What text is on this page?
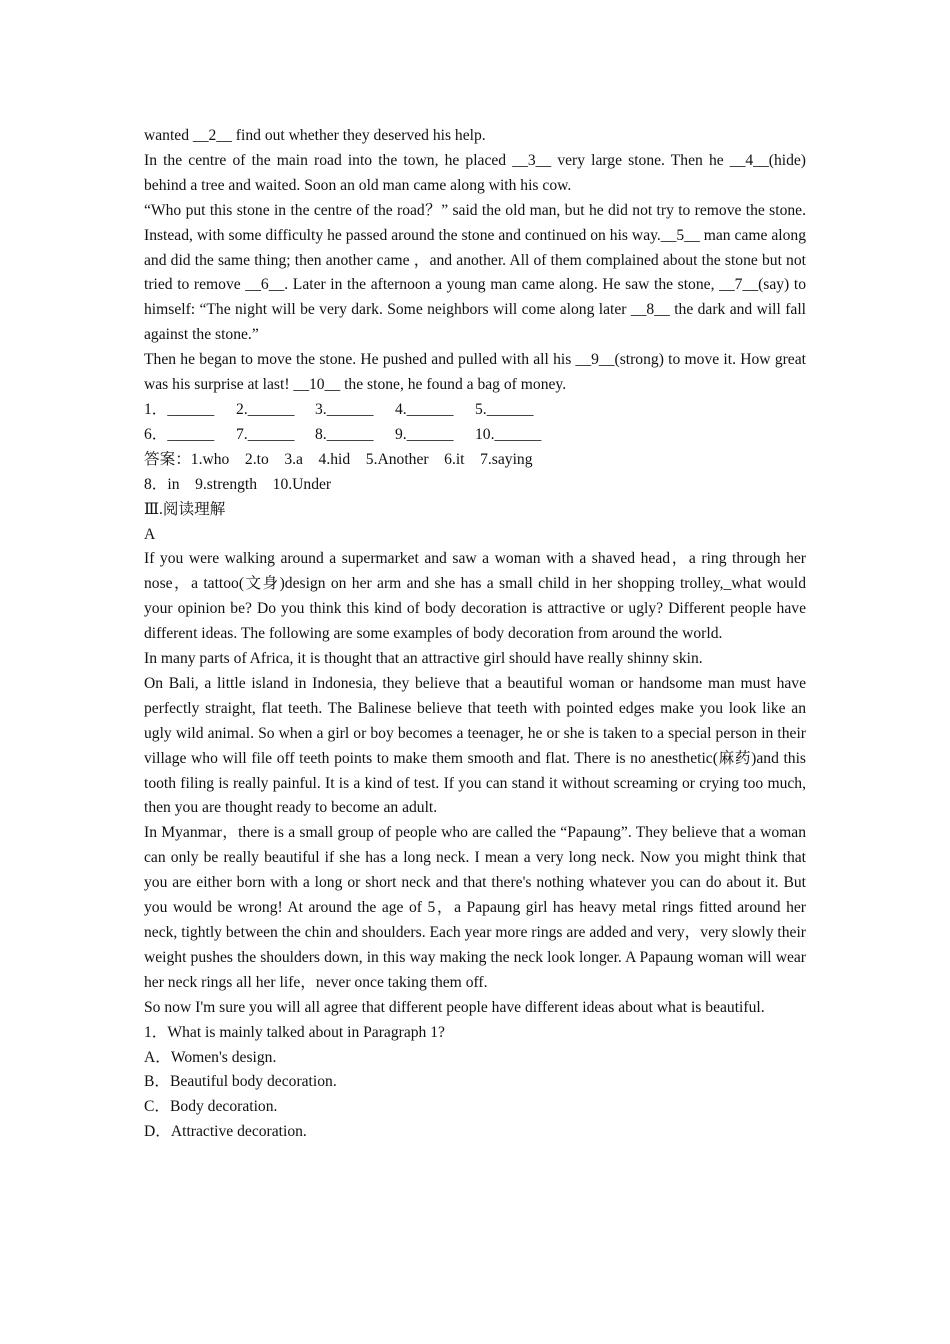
wanted __2__ find out whether they deserved his help.

In the centre of the main road into the town, he placed __3__ very large stone. Then he __4__(hide) behind a tree and waited. Soon an old man came along with his cow.

“Who put this stone in the centre of the road？” said the old man, but he did not try to remove the stone. Instead, with some difficulty he passed around the stone and continued on his way.__5__ man came along and did the same thing; then another came ，and another. All of them complained about the stone but not tried to remove __6__. Later in the afternoon a young man came along. He saw the stone, __7__(say) to himself: “The night will be very dark. Some neighbors will come along later __8__ the dark and will fall against the stone.”

Then he began to move the stone. He pushed and pulled with all his __9__(strong) to move it. How great was his surprise at last! __10__ the stone, he found a bag of money.

1．______ 2.______ 3.______ 4.______ 5.______

6．______ 7.______ 8.______ 9.______ 10.______

答案：1.who　2.to　3.a　4.hid　5.Another　6.it　7.saying

8．in　9.strength　10.Under

Ⅲ.阅读理解

A

If you were walking around a supermarket and saw a woman with a shaved head，a ring through her nose，a tattoo(文身)design on her arm and she has a small child in her shopping trolley,_what would your opinion be? Do you think this kind of body decoration is attractive or ugly? Different people have different ideas. The following are some examples of body decoration from around the world.

In many parts of Africa, it is thought that an attractive girl should have really shinny skin.

On Bali, a little island in Indonesia, they believe that a beautiful woman or handsome man must have perfectly straight, flat teeth. The Balinese believe that teeth with pointed edges make you look like an ugly wild animal. So when a girl or boy becomes a teenager, he or she is taken to a special person in their village who will file off teeth points to make them smooth and flat. There is no anesthetic(麻药)and this tooth filing is really painful. It is a kind of test. If you can stand it without screaming or crying too much, then you are thought ready to become an adult.

In Myanmar，there is a small group of people who are called the “Papaung”. They believe that a woman can only be really beautiful if she has a long neck. I mean a very long neck. Now you might think that you are either born with a long or short neck and that there's nothing whatever you can do about it. But you would be wrong! At around the age of 5，a Papaung girl has heavy metal rings fitted around her neck, tightly between the chin and shoulders. Each year more rings are added and very，very slowly their weight pushes the shoulders down, in this way making the neck look longer. A Papaung woman will wear her neck rings all her life，never once taking them off.

So now I'm sure you will all agree that different people have different ideas about what is beautiful.

1．What is mainly talked about in Paragraph 1?

A．Women's design.

B．Beautiful body decoration.

C．Body decoration.

D．Attractive decoration.
